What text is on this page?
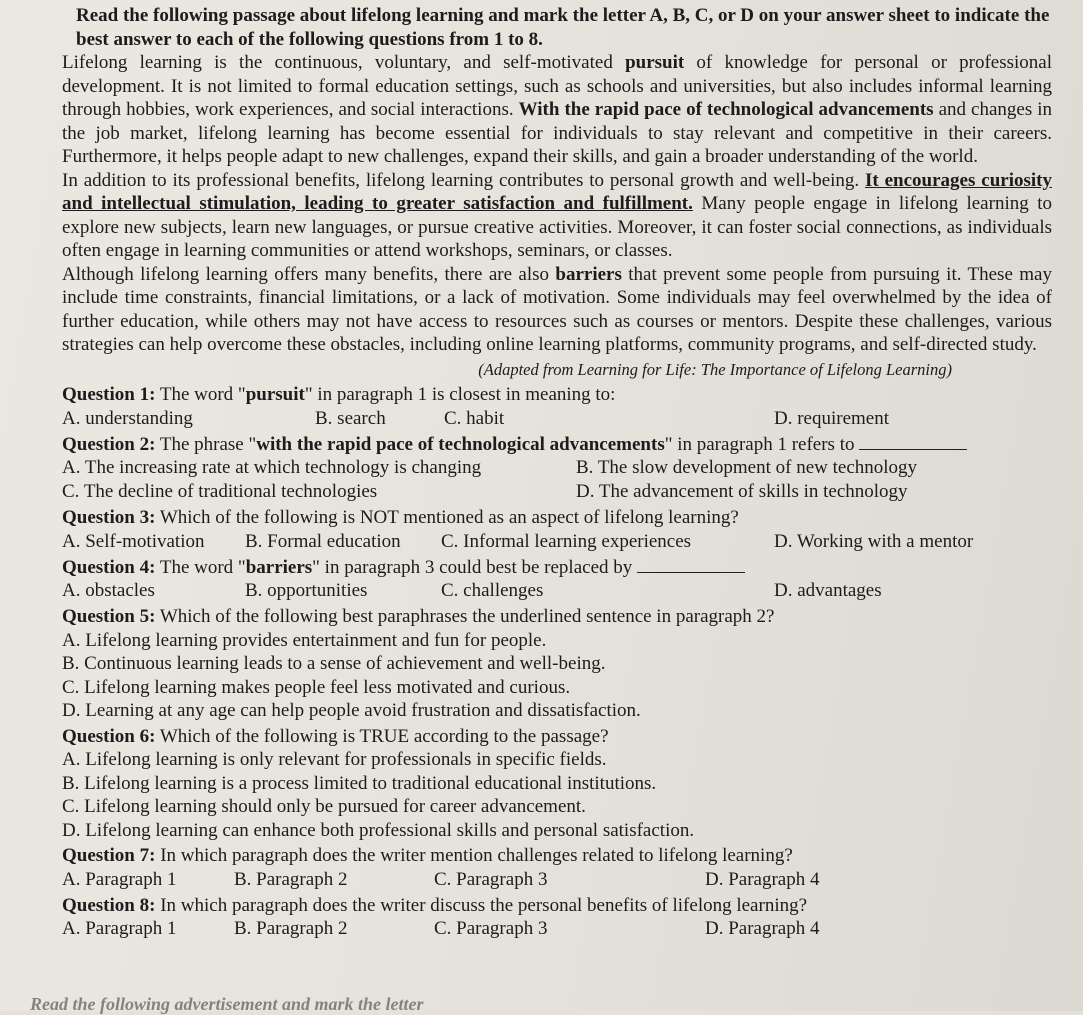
Read the following passage about lifelong learning and mark the letter A, B, C, or D on your answer sheet to indicate the best answer to each of the following questions from 1 to 8.
Lifelong learning is the continuous, voluntary, and self-motivated pursuit of knowledge for personal or professional development. It is not limited to formal education settings, such as schools and universities, but also includes informal learning through hobbies, work experiences, and social interactions. With the rapid pace of technological advancements and changes in the job market, lifelong learning has become essential for individuals to stay relevant and competitive in their careers. Furthermore, it helps people adapt to new challenges, expand their skills, and gain a broader understanding of the world.
In addition to its professional benefits, lifelong learning contributes to personal growth and well-being. It encourages curiosity and intellectual stimulation, leading to greater satisfaction and fulfillment. Many people engage in lifelong learning to explore new subjects, learn new languages, or pursue creative activities. Moreover, it can foster social connections, as individuals often engage in learning communities or attend workshops, seminars, or classes.
Although lifelong learning offers many benefits, there are also barriers that prevent some people from pursuing it. These may include time constraints, financial limitations, or a lack of motivation. Some individuals may feel overwhelmed by the idea of further education, while others may not have access to resources such as courses or mentors. Despite these challenges, various strategies can help overcome these obstacles, including online learning platforms, community programs, and self-directed study.
(Adapted from Learning for Life: The Importance of Lifelong Learning)
Question 1: The word "pursuit" in paragraph 1 is closest in meaning to:
A. understanding	B. search	C. habit	D. requirement
Question 2: The phrase "with the rapid pace of technological advancements" in paragraph 1 refers to
A. The increasing rate at which technology is changing	B. The slow development of new technology
C. The decline of traditional technologies	D. The advancement of skills in technology
Question 3: Which of the following is NOT mentioned as an aspect of lifelong learning?
A. Self-motivation B. Formal education C. Informal learning experiences	D. Working with a mentor
Question 4: The word "barriers" in paragraph 3 could best be replaced by
A. obstacles	B. opportunities	C. challenges	D. advantages
Question 5: Which of the following best paraphrases the underlined sentence in paragraph 2?
A. Lifelong learning provides entertainment and fun for people.
B. Continuous learning leads to a sense of achievement and well-being.
C. Lifelong learning makes people feel less motivated and curious.
D. Learning at any age can help people avoid frustration and dissatisfaction.
Question 6: Which of the following is TRUE according to the passage?
A. Lifelong learning is only relevant for professionals in specific fields.
B. Lifelong learning is a process limited to traditional educational institutions.
C. Lifelong learning should only be pursued for career advancement.
D. Lifelong learning can enhance both professional skills and personal satisfaction.
Question 7: In which paragraph does the writer mention challenges related to lifelong learning?
A. Paragraph 1	B. Paragraph 2	C. Paragraph 3	D. Paragraph 4
Question 8: In which paragraph does the writer discuss the personal benefits of lifelong learning?
A. Paragraph 1	B. Paragraph 2	C. Paragraph 3	D. Paragraph 4
Read the following advertisement and mark the letter
